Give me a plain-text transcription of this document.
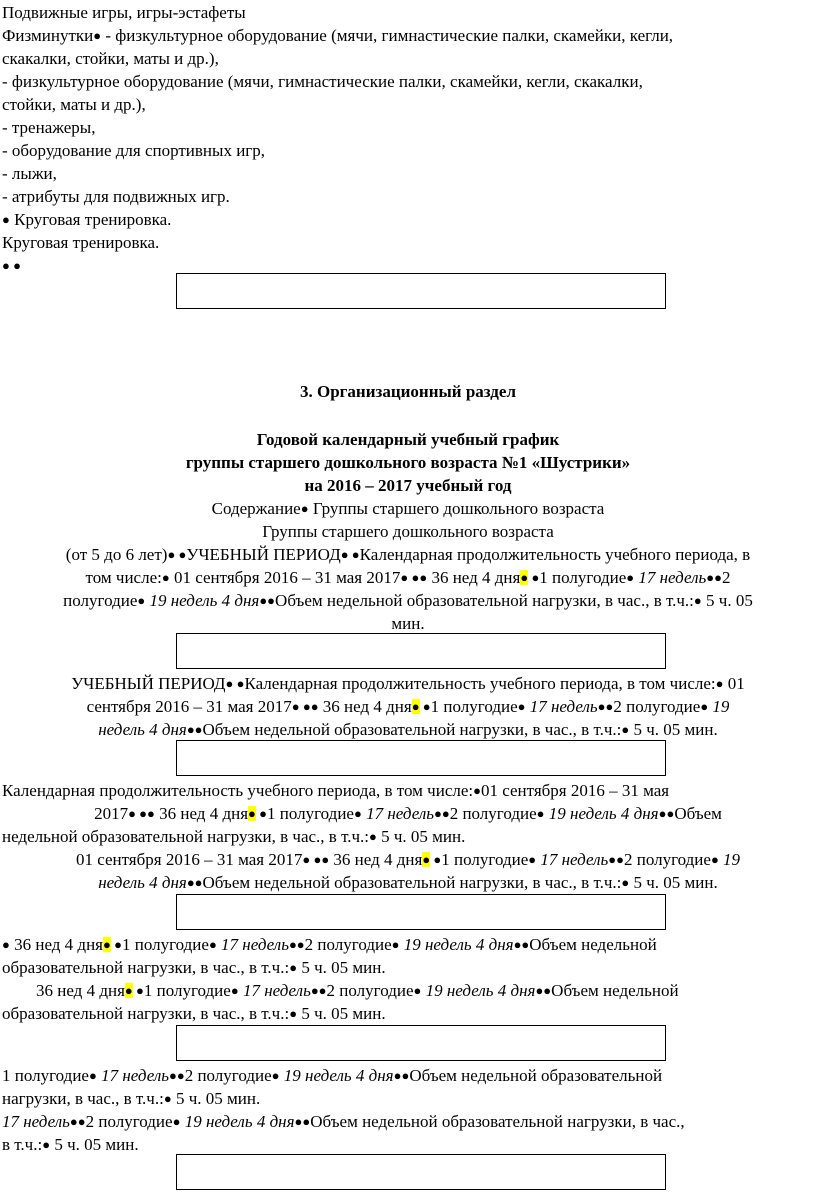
Подвижные игры, игры-эстафеты
Физминутки● - физкультурное оборудование (мячи, гимнастические палки, скамейки, кегли,
скакалки, стойки, маты и др.),
- физкультурное оборудование (мячи, гимнастические палки, скамейки, кегли, скакалки,
стойки, маты и др.),
- тренажеры,
- оборудование для спортивных игр,
- лыжи,
- атрибуты для подвижных игр.
● Круговая тренировка.
Круговая тренировка.
● ●
3. Организационный раздел
Годовой календарный учебный график
группы старшего дошкольного возраста №1 «Шустрики»
на 2016 – 2017 учебный год
Содержание● Группы старшего дошкольного возраста
Группы старшего дошкольного возраста
(от 5 до 6 лет)● ●УЧЕБНЫЙ ПЕРИОД● ●Календарная продолжительность учебного периода, в
том числе:● 01 сентября 2016 – 31 мая 2017● ●● 36 нед 4 дня● ●1 полугодие● 17 недель●●2
полугодие● 19 недель 4 дня●●Объем недельной образовательной нагрузки, в час., в т.ч.:● 5 ч. 05
мин.
УЧЕБНЫЙ ПЕРИОД● ●Календарная продолжительность учебного периода, в том числе:● 01
сентября 2016 – 31 мая 2017● ●● 36 нед 4 дня● ●1 полугодие● 17 недель●●2 полугодие● 19
недель 4 дня●●Объем недельной образовательной нагрузки, в час., в т.ч.:● 5 ч. 05 мин.
Календарная продолжительность учебного периода, в том числе:●01 сентября 2016 – 31 мая
2017● ●● 36 нед 4 дня● ●1 полугодие● 17 недель●●2 полугодие● 19 недель 4 дня●●Объем
недельной образовательной нагрузки, в час., в т.ч.:● 5 ч. 05 мин.
01 сентября 2016 – 31 мая 2017● ●● 36 нед 4 дня● ●1 полугодие● 17 недель●●2 полугодие● 19
недель 4 дня●●Объем недельной образовательной нагрузки, в час., в т.ч.:● 5 ч. 05 мин.
● 36 нед 4 дня● ●1 полугодие● 17 недель●●2 полугодие● 19 недель 4 дня●●Объем недельной
образовательной нагрузки, в час., в т.ч.:● 5 ч. 05 мин.
36 нед 4 дня● ●1 полугодие● 17 недель●●2 полугодие● 19 недель 4 дня●●Объем недельной
образовательной нагрузки, в час., в т.ч.:● 5 ч. 05 мин.
1 полугодие● 17 недель●●2 полугодие● 19 недель 4 дня●●Объем недельной образовательной
нагрузки, в час., в т.ч.:● 5 ч. 05 мин.
17 недель●●2 полугодие● 19 недель 4 дня●●Объем недельной образовательной нагрузки, в час.,
в т.ч.:● 5 ч. 05 мин.
